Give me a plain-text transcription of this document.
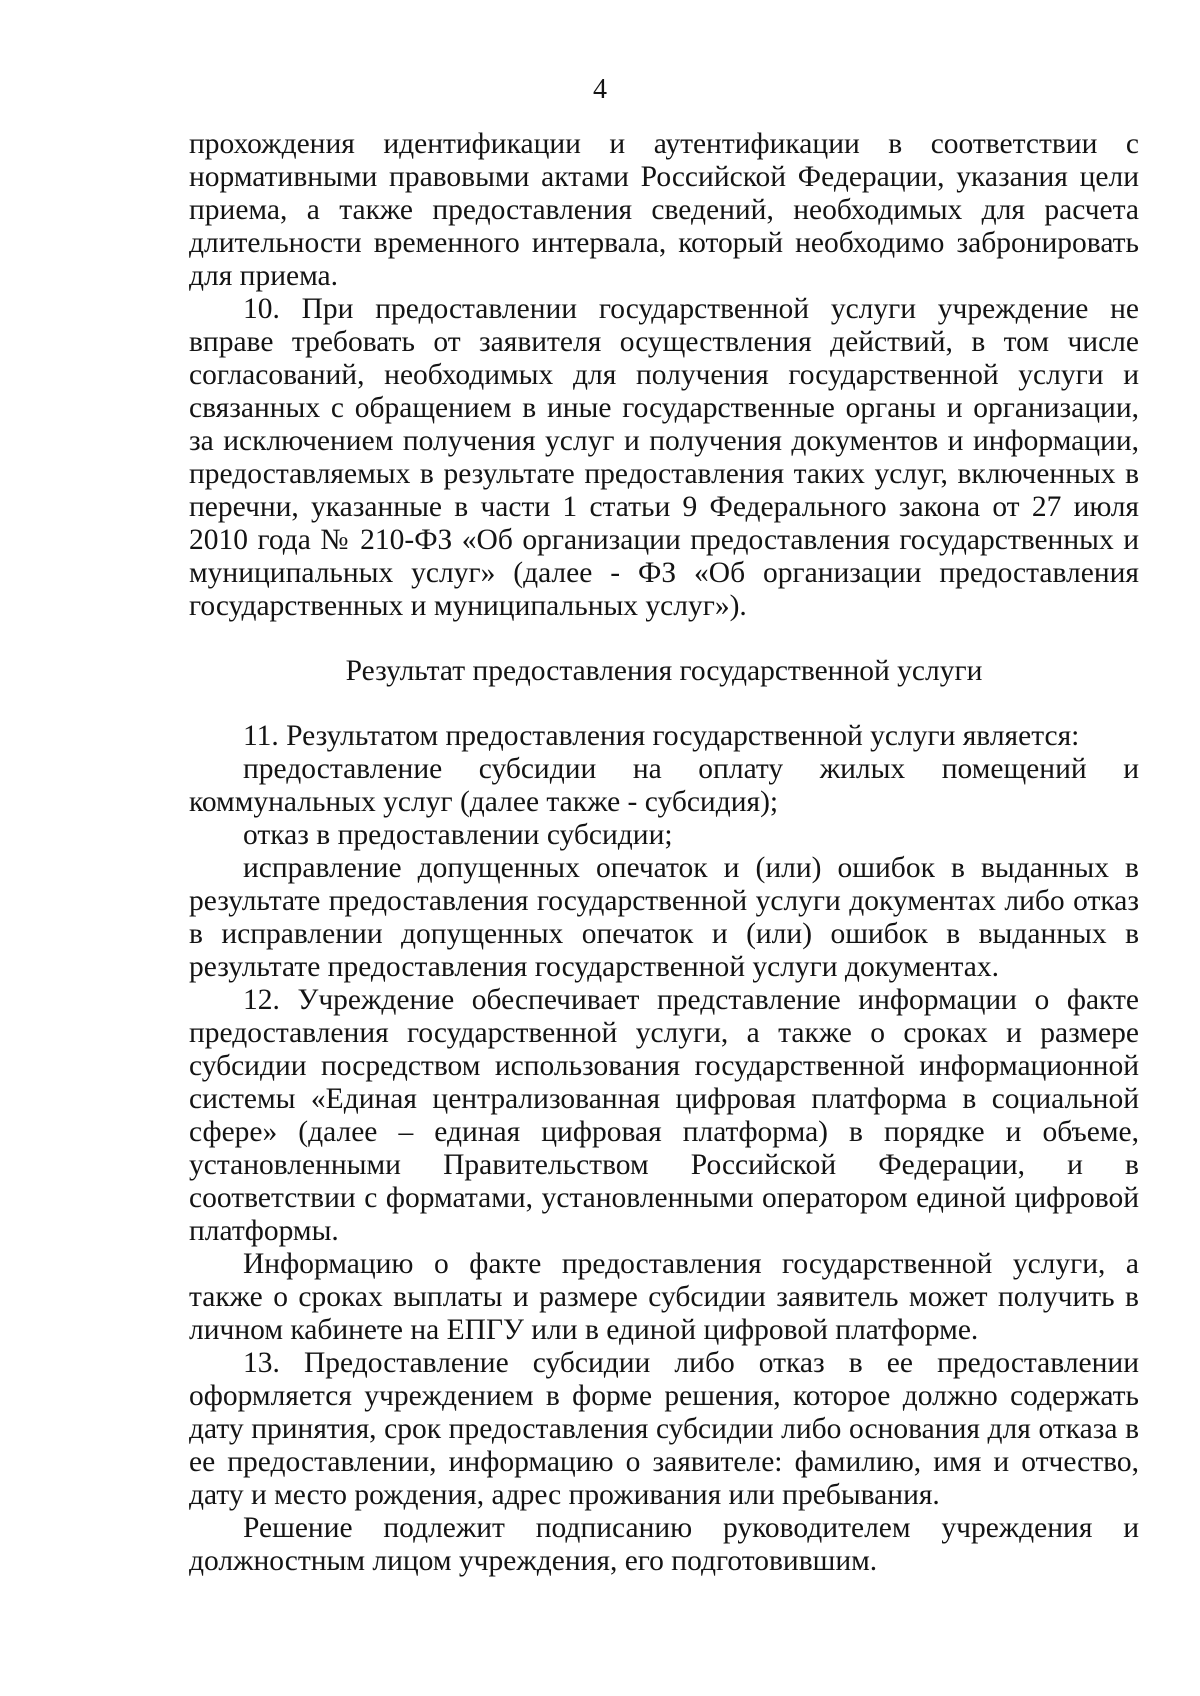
4

прохождения идентификации и аутентификации в соответствии с нормативными правовыми актами Российской Федерации, указания цели приема, а также предоставления сведений, необходимых для расчета длительности временного интервала, который необходимо забронировать для приема.

10. При предоставлении государственной услуги учреждение не вправе требовать от заявителя осуществления действий, в том числе согласований, необходимых для получения государственной услуги и связанных с обращением в иные государственные органы и организации, за исключением получения услуг и получения документов и информации, предоставляемых в результате предоставления таких услуг, включенных в перечни, указанные в части 1 статьи 9 Федерального закона от 27 июля 2010 года № 210-ФЗ «Об организации предоставления государственных и муниципальных услуг» (далее - ФЗ «Об организации предоставления государственных и муниципальных услуг»).

Результат предоставления государственной услуги

11. Результатом предоставления государственной услуги является:

предоставление субсидии на оплату жилых помещений и коммунальных услуг (далее также - субсидия);

отказ в предоставлении субсидии;

исправление допущенных опечаток и (или) ошибок в выданных в результате предоставления государственной услуги документах либо отказ в исправлении допущенных опечаток и (или) ошибок в выданных в результате предоставления государственной услуги документах.

12. Учреждение обеспечивает представление информации о факте предоставления государственной услуги, а также о сроках и размере субсидии посредством использования государственной информационной системы «Единая централизованная цифровая платформа в социальной сфере» (далее – единая цифровая платформа) в порядке и объеме, установленными Правительством Российской Федерации, и в соответствии с форматами, установленными оператором единой цифровой платформы.

Информацию о факте предоставления государственной услуги, а также о сроках выплаты и размере субсидии заявитель может получить в личном кабинете на ЕПГУ или в единой цифровой платформе.

13. Предоставление субсидии либо отказ в ее предоставлении оформляется учреждением в форме решения, которое должно содержать дату принятия, срок предоставления субсидии либо основания для отказа в ее предоставлении, информацию о заявителе: фамилию, имя и отчество, дату и место рождения, адрес проживания или пребывания.

Решение подлежит подписанию руководителем учреждения и должностным лицом учреждения, его подготовившим.
